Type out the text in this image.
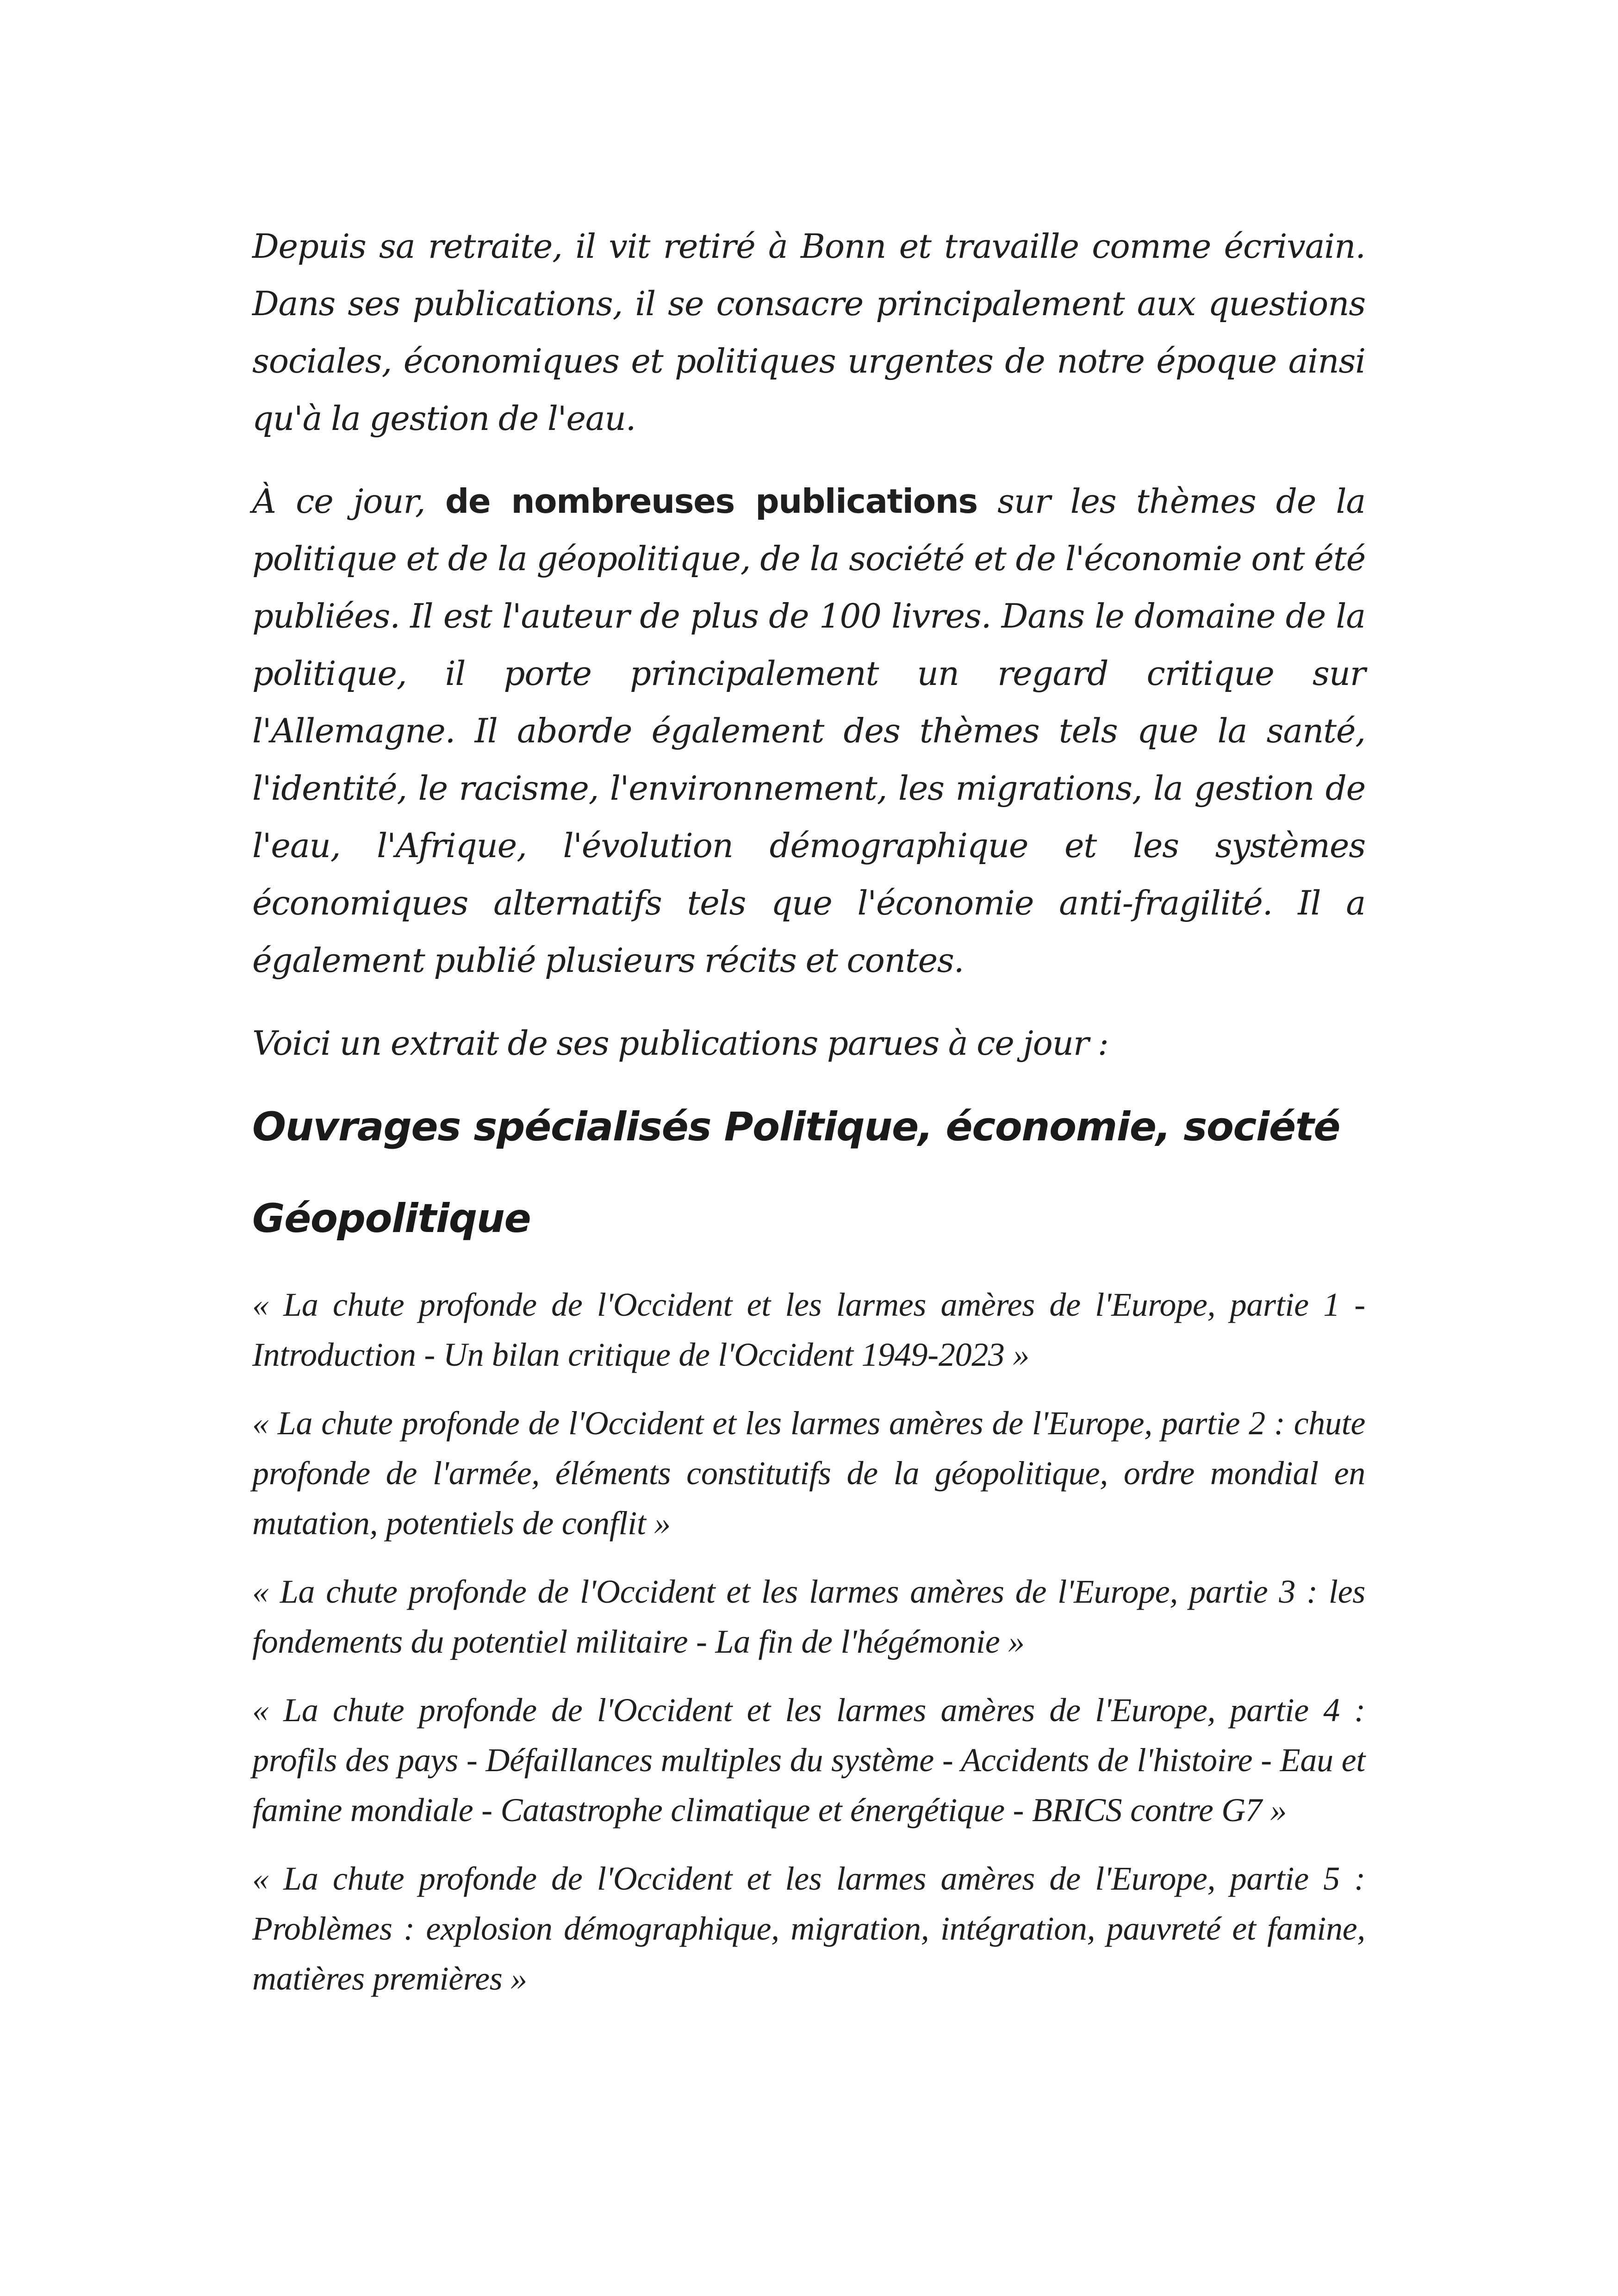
Depuis sa retraite, il vit retiré à Bonn et travaille comme écrivain. Dans ses publications, il se consacre principalement aux questions sociales, économiques et politiques urgentes de notre époque ainsi qu'à la gestion de l'eau.

À ce jour, de nombreuses publications sur les thèmes de la politique et de la géopolitique, de la société et de l'économie ont été publiées. Il est l'auteur de plus de 100 livres. Dans le domaine de la politique, il porte principalement un regard critique sur l'Allemagne. Il aborde également des thèmes tels que la santé, l'identité, le racisme, l'environnement, les migrations, la gestion de l'eau, l'Afrique, l'évolution démographique et les systèmes économiques alternatifs tels que l'économie anti-fragilité. Il a également publié plusieurs récits et contes.

Voici un extrait de ses publications parues à ce jour :

Ouvrages spécialisés Politique, économie, société
Géopolitique
« La chute profonde de l'Occident et les larmes amères de l'Europe, partie 1 - Introduction - Un bilan critique de l'Occident 1949-2023 »
« La chute profonde de l'Occident et les larmes amères de l'Europe, partie 2 : chute profonde de l'armée, éléments constitutifs de la géopolitique, ordre mondial en mutation, potentiels de conflit »
« La chute profonde de l'Occident et les larmes amères de l'Europe, partie 3 : les fondements du potentiel militaire - La fin de l'hégémonie »
« La chute profonde de l'Occident et les larmes amères de l'Europe, partie 4 : profils des pays - Défaillances multiples du système - Accidents de l'histoire - Eau et famine mondiale - Catastrophe climatique et énergétique - BRICS contre G7 »
« La chute profonde de l'Occident et les larmes amères de l'Europe, partie 5 : Problèmes : explosion démographique, migration, intégration, pauvreté et famine, matières premières »
